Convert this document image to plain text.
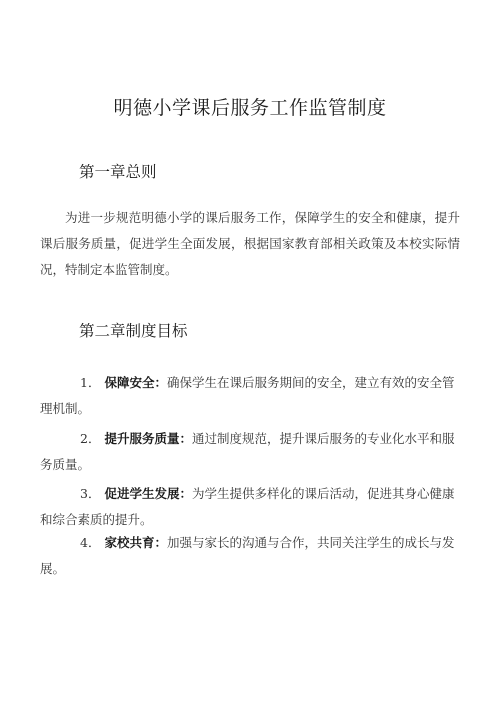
明德小学课后服务工作监管制度
第一章总则
为进一步规范明德小学的课后服务工作，保障学生的安全和健康，提升课后服务质量，促进学生全面发展，根据国家教育部相关政策及本校实际情况，特制定本监管制度。
第二章制度目标
1． 保障安全：确保学生在课后服务期间的安全，建立有效的安全管理机制。
2． 提升服务质量：通过制度规范，提升课后服务的专业化水平和服务质量。
3． 促进学生发展：为学生提供多样化的课后活动，促进其身心健康和综合素质的提升。
4． 家校共育：加强与家长的沟通与合作，共同关注学生的成长与发展。
